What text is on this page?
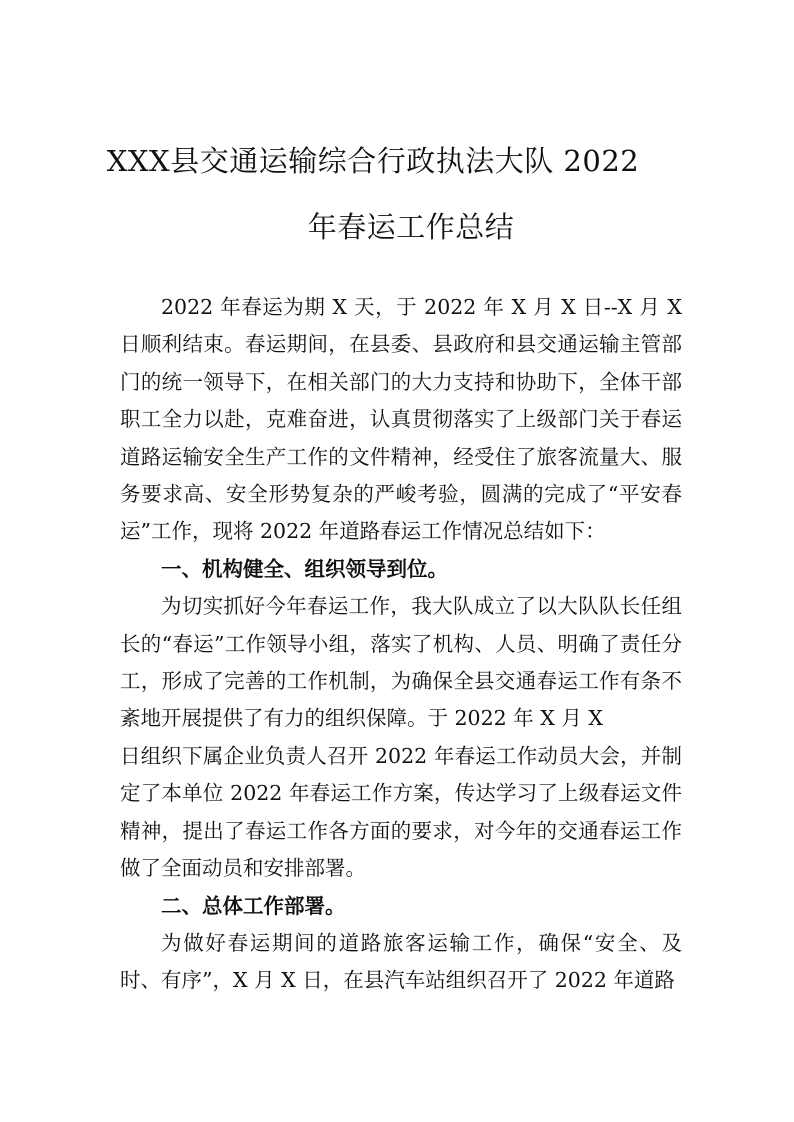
XXX县交通运输综合行政执法大队 2022
年春运工作总结

2022 年春运为期 X 天，于 2022 年 X 月 X 日--X 月 X 日顺利结束。春运期间，在县委、县政府和县交通运输主管部门的统一领导下，在相关部门的大力支持和协助下，全体干部职工全力以赴，克难奋进，认真贯彻落实了上级部门关于春运道路运输安全生产工作的文件精神，经受住了旅客流量大、服务要求高、安全形势复杂的严峻考验，圆满的完成了“平安春运”工作，现将 2022 年道路春运工作情况总结如下：

一、机构健全、组织领导到位。

为切实抓好今年春运工作，我大队成立了以大队队长任组长的“春运”工作领导小组，落实了机构、人员、明确了责任分工，形成了完善的工作机制，为确保全县交通春运工作有条不紊地开展提供了有力的组织保障。于 2022 年 X 月 X

日组织下属企业负责人召开 2022 年春运工作动员大会，并制定了本单位 2022 年春运工作方案，传达学习了上级春运文件精神，提出了春运工作各方面的要求，对今年的交通春运工作做了全面动员和安排部署。

二、总体工作部署。

为做好春运期间的道路旅客运输工作，确保“安全、及时、有序”，X 月 X 日，在县汽车站组织召开了 2022 年道路
